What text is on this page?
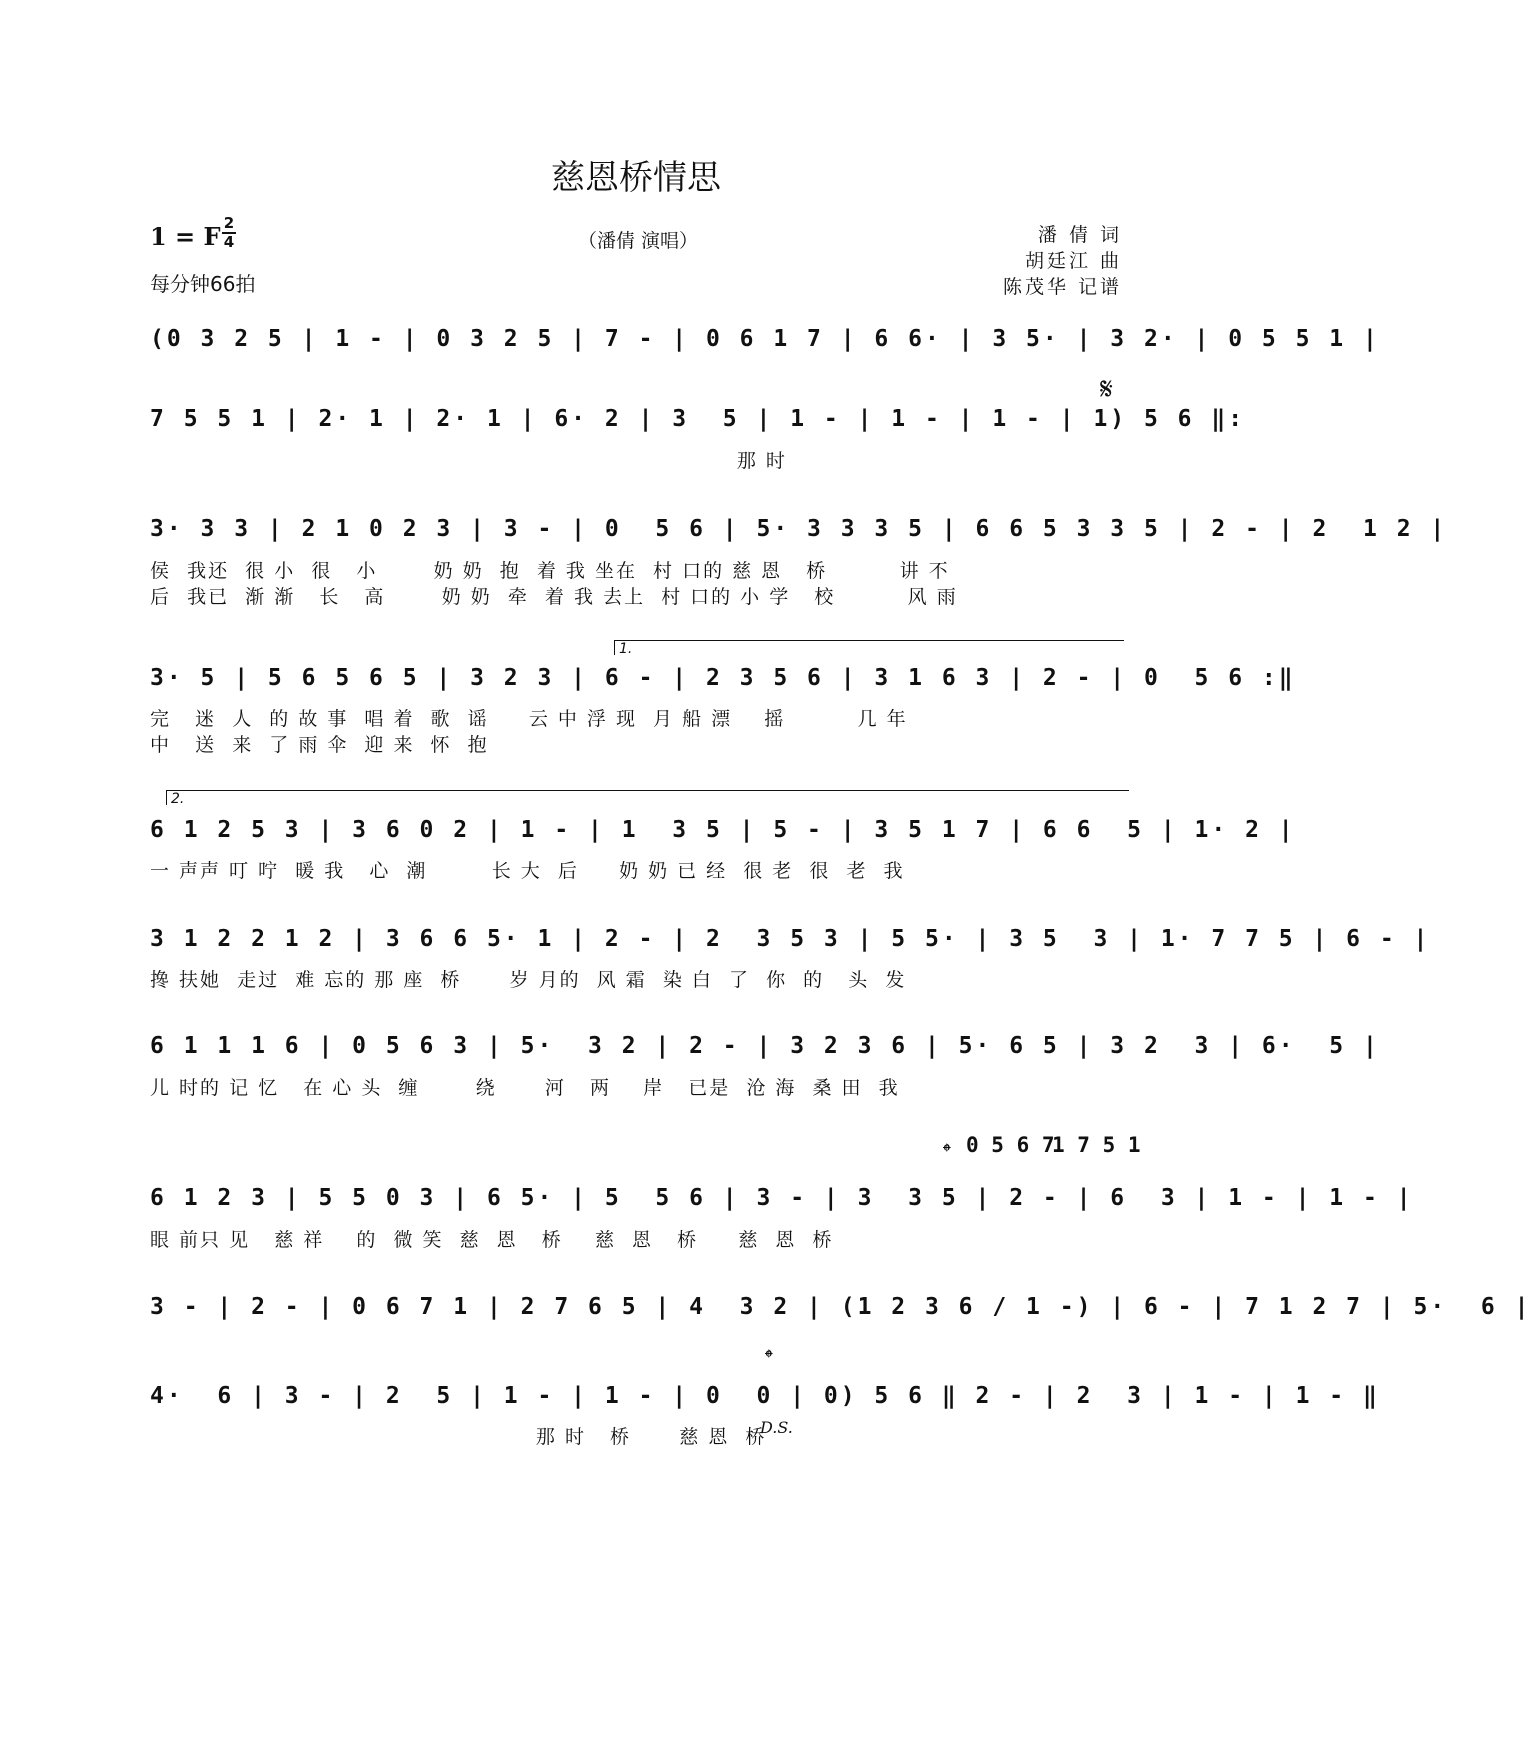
慈恩桥情思
1 = F 2
4
每分钟66拍
（潘倩 演唱）	潘 倩 词
胡廷江 曲
陈茂华 记谱
𝄋
1.
2.
𝄌 0 5 6 7
1 7 5 1
𝄌
D.S.
(0 3 2 5 | 1 - | 0 3 2 5 | 7 - | 0 6 1 7 | 6 6· | 3 5· | 3 2· | 0 5 5 1 |
7 5 5 1 | 2· 1 | 2· 1 | 6· 2 | 3  5 | 1 - | 1 - | 1 - | 1) 5 6 ‖:
那 时
3· 3 3 | 2 1 0 2 3 | 3 - | 0  5 6 | 5· 3 3 3 5 | 6 6 5 3 3 5 | 2 - | 2  1 2 |
侯  我还  很 小  很   小       奶 奶  抱  着 我 坐在  村 口的 慈 恩   桥         讲 不
后  我已  渐 渐   长   高       奶 奶  牵  着 我 去上  村 口的 小 学   校         风 雨
3· 5 | 5 6 5 6 5 | 3 2 3 | 6 - | 2 3 5 6 | 3 1 6 3 | 2 - | 0  5 6 :‖
完   迷  人  的 故 事  唱 着  歌  谣     云 中 浮 现  月 船 漂    摇         几 年
中   送  来  了 雨 伞  迎 来  怀  抱
6 1 2 5 3 | 3 6 0 2 | 1 - | 1  3 5 | 5 - | 3 5 1 7 | 6 6  5 | 1· 2 |
一 声声 叮 咛  暖 我   心  潮        长 大  后     奶 奶 已 经  很 老  很  老  我
3 1 2 2 1 2 | 3 6 6 5· 1 | 2 - | 2  3 5 3 | 5 5· | 3 5  3 | 1· 7 7 5 | 6 - |
搀 扶她  走过  难 忘的 那 座  桥      岁 月的  风 霜  染 白  了  你  的   头  发
6 1 1 1 6 | 0 5 6 3 | 5·  3 2 | 2 - | 3 2 3 6 | 5· 6 5 | 3 2  3 | 6·  5 |
儿 时的 记 忆   在 心 头  缠       绕      河   两    岸   已是  沧 海  桑 田  我
6 1 2 3 | 5 5 0 3 | 6 5· | 5  5 6 | 3 - | 3  3 5 | 2 - | 6  3 | 1 - | 1 - |
眼 前只 见   慈 祥    的  微 笑  慈  恩   桥    慈  恩   桥     慈  恩  桥
3 - | 2 - | 0 6 7 1 | 2 7 6 5 | 4  3 2 | (1 2 3 6 / 1 -) | 6 - | 7 1 2 7 | 5·  6 |
4·  6 | 3 - | 2  5 | 1 - | 1 - | 0  0 | 0) 5 6 ‖ 2 - | 2  3 | 1 - | 1 - ‖
那 时   桥      慈 恩  桥
